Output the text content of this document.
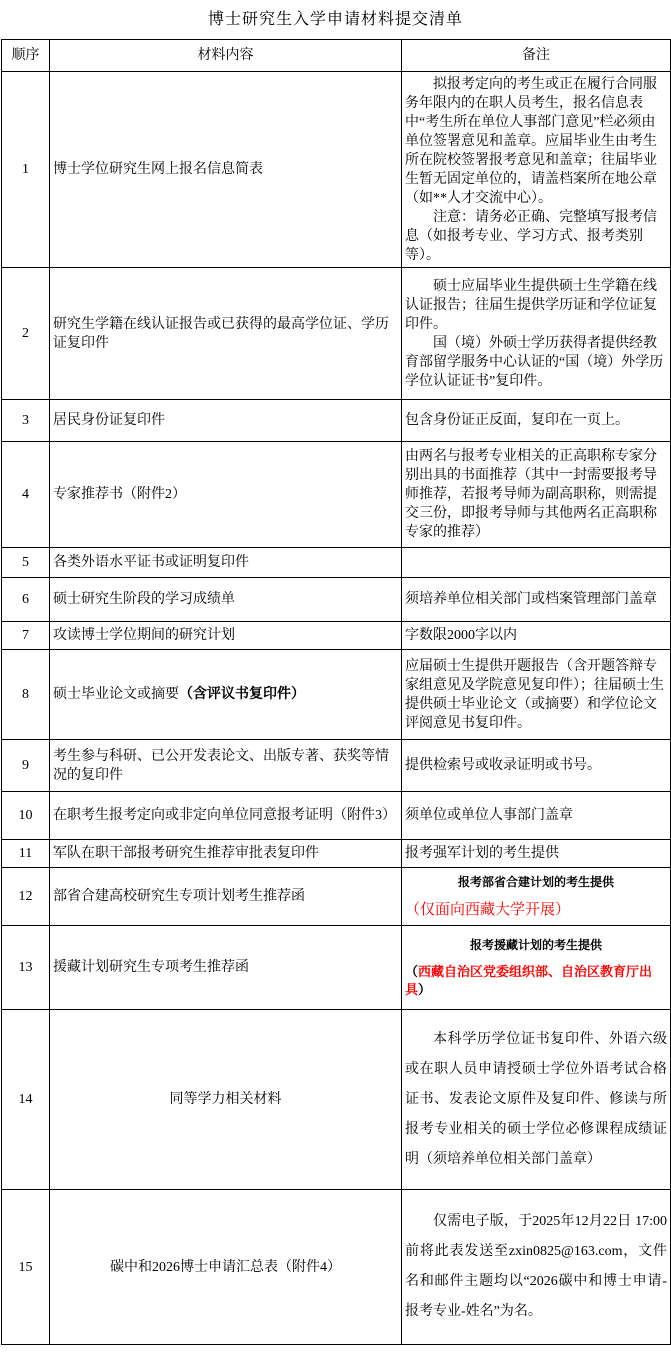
博士研究生入学申请材料提交清单
顺序	材料内容	备注
1	博士学位研究生网上报名信息简表	拟报考定向的考生或正在履行合同服务年限内的在职人员考生，报名信息表中“考生所在单位人事部门意见”栏必须由单位签署意见和盖章。应届毕业生由考生所在院校签署报考意见和盖章；往届毕业生暂无固定单位的，请盖档案所在地公章（如**人才交流中心）。

注意：请务必正确、完整填写报考信息（如报考专业、学习方式、报考类别等）。

2	研究生学籍在线认证报告或已获得的最高学位证、学历证复印件	硕士应届毕业生提供硕士生学籍在线认证报告；往届生提供学历证和学位证复印件。

国（境）外硕士学历获得者提供经教育部留学服务中心认证的“国（境）外学历学位认证证书”复印件。

3	居民身份证复印件	包含身份证正反面，复印在一页上。

4	专家推荐书（附件2）	由两名与报考专业相关的正高职称专家分别出具的书面推荐（其中一封需要报考导师推荐，若报考导师为副高职称，则需提交三份，即报考导师与其他两名正高职称专家的推荐）

5	各类外语水平证书或证明复印件	

6	硕士研究生阶段的学习成绩单	须培养单位相关部门或档案管理部门盖章

7	攻读博士学位期间的研究计划	字数限2000字以内

8	硕士毕业论文或摘要（含评议书复印件）	应届硕士生提供开题报告（含开题答辩专家组意见及学院意见复印件）；往届硕士生提供硕士毕业论文（或摘要）和学位论文评阅意见书复印件。

9	考生参与科研、已公开发表论文、出版专著、获奖等情况的复印件	提供检索号或收录证明或书号。

10	在职考生报考定向或非定向单位同意报考证明（附件3）	须单位或单位人事部门盖章

11	军队在职干部报考研究生推荐审批表复印件	报考强军计划的考生提供

12	部省合建高校研究生专项计划考生推荐函	报考部省合建计划的考生提供

（仅面向西藏大学开展）

13	援藏计划研究生专项考生推荐函	报考援藏计划的考生提供

（西藏自治区党委组织部、自治区教育厅出具）

14	同等学力相关材料	本科学历学位证书复印件、外语六级或在职人员申请授硕士学位外语考试合格证书、发表论文原件及复印件、修读与所报考专业相关的硕士学位必修课程成绩证明（须培养单位相关部门盖章）

15	碳中和2026博士申请汇总表（附件4）	仅需电子版，于2025年12月22日 17:00 前将此表发送至zxin0825@163.com，文件名和邮件主题均以“2026碳中和博士申请-报考专业-姓名”为名。
